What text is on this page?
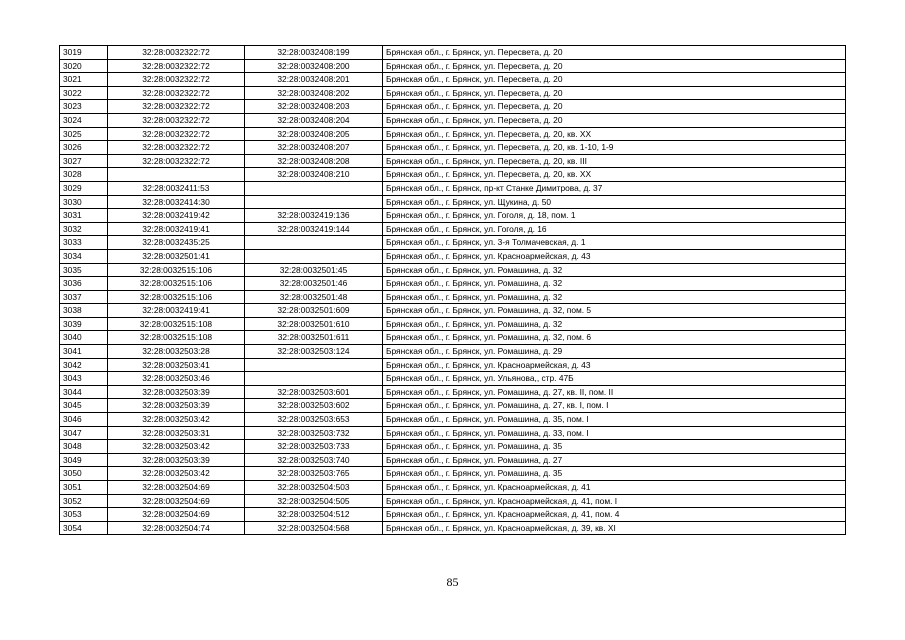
3019	32:28:0032322:72	32:28:0032408:199	Брянская обл., г. Брянск, ул. Пересвета, д. 20
3020	32:28:0032322:72	32:28:0032408:200	Брянская обл., г. Брянск, ул. Пересвета, д. 20
3021	32:28:0032322:72	32:28:0032408:201	Брянская обл., г. Брянск, ул. Пересвета, д. 20
3022	32:28:0032322:72	32:28:0032408:202	Брянская обл., г. Брянск, ул. Пересвета, д. 20
3023	32:28:0032322:72	32:28:0032408:203	Брянская обл., г. Брянск, ул. Пересвета, д. 20
3024	32:28:0032322:72	32:28:0032408:204	Брянская обл., г. Брянск, ул. Пересвета, д. 20
3025	32:28:0032322:72	32:28:0032408:205	Брянская обл., г. Брянск, ул. Пересвета, д. 20, кв. XX
3026	32:28:0032322:72	32:28:0032408:207	Брянская обл., г. Брянск, ул. Пересвета, д. 20, кв. 1-10, 1-9
3027	32:28:0032322:72	32:28:0032408:208	Брянская обл., г. Брянск, ул. Пересвета, д. 20, кв. III
3028		32:28:0032408:210	Брянская обл., г. Брянск, ул. Пересвета, д. 20, кв. XX
3029	32:28:0032411:53		Брянская обл., г. Брянск, пр-кт Станке Димитрова, д. 37
3030	32:28:0032414:30		Брянская обл., г. Брянск, ул. Щукина, д. 50
3031	32:28:0032419:42	32:28:0032419:136	Брянская обл., г. Брянск, ул. Гоголя, д. 18, пом. 1
3032	32:28:0032419:41	32:28:0032419:144	Брянская обл., г. Брянск, ул. Гоголя, д. 16
3033	32:28:0032435:25		Брянская обл., г. Брянск, ул. 3-я Толмачевская, д. 1
3034	32:28:0032501:41		Брянская обл., г. Брянск, ул. Красноармейская, д. 43
3035	32:28:0032515:106	32:28:0032501:45	Брянская обл., г. Брянск, ул. Ромашина, д. 32
3036	32:28:0032515:106	32:28:0032501:46	Брянская обл., г. Брянск, ул. Ромашина, д. 32
3037	32:28:0032515:106	32:28:0032501:48	Брянская обл., г. Брянск, ул. Ромашина, д. 32
3038	32:28:0032419:41	32:28:0032501:609	Брянская обл., г. Брянск, ул. Ромашина, д. 32, пом. 5
3039	32:28:0032515:108	32:28:0032501:610	Брянская обл., г. Брянск, ул. Ромашина, д. 32
3040	32:28:0032515:108	32:28:0032501:611	Брянская обл., г. Брянск, ул. Ромашина, д. 32, пом. 6
3041	32:28:0032503:28	32:28:0032503:124	Брянская обл., г. Брянск, ул. Ромашина, д. 29
3042	32:28:0032503:41		Брянская обл., г. Брянск, ул. Красноармейская, д. 43
3043	32:28:0032503:46		Брянская обл., г. Брянск, ул. Ульянова,, стр. 47Б
3044	32:28:0032503:39	32:28:0032503:601	Брянская обл., г. Брянск, ул. Ромашина, д. 27, кв. II, пом. II
3045	32:28:0032503:39	32:28:0032503:602	Брянская обл., г. Брянск, ул. Ромашина, д. 27, кв. I, пом. I
3046	32:28:0032503:42	32:28:0032503:653	Брянская обл., г. Брянск, ул. Ромашина, д. 35, пом. I
3047	32:28:0032503:31	32:28:0032503:732	Брянская обл., г. Брянск, ул. Ромашина, д. 33, пом. I
3048	32:28:0032503:42	32:28:0032503:733	Брянская обл., г. Брянск, ул. Ромашина, д. 35
3049	32:28:0032503:39	32:28:0032503:740	Брянская обл., г. Брянск, ул. Ромашина, д. 27
3050	32:28:0032503:42	32:28:0032503:765	Брянская обл., г. Брянск, ул. Ромашина, д. 35
3051	32:28:0032504:69	32:28:0032504:503	Брянская обл., г. Брянск, ул. Красноармейская, д. 41
3052	32:28:0032504:69	32:28:0032504:505	Брянская обл., г. Брянск, ул. Красноармейская, д. 41, пом. I
3053	32:28:0032504:69	32:28:0032504:512	Брянская обл., г. Брянск, ул. Красноармейская, д. 41, пом. 4
3054	32:28:0032504:74	32:28:0032504:568	Брянская обл., г. Брянск, ул. Красноармейская, д. 39, кв. XI
85
